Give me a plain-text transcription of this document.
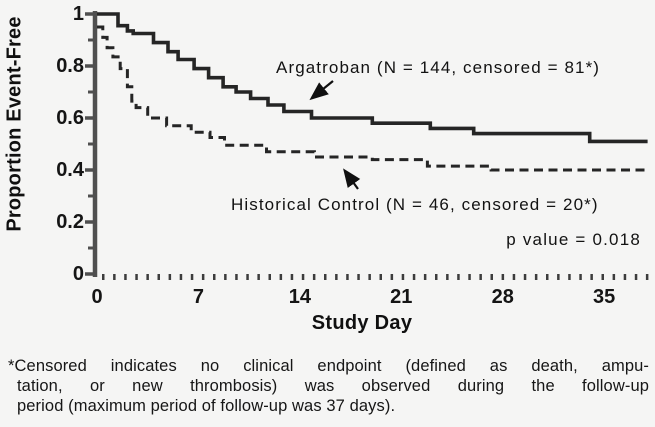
Proportion Event-Free
0
0.2
0.4
0.6
0.8
1
0	7	14	21	28	35
Study Day
Argatroban (N = 144, censored = 81*)
Historical Control (N = 46, censored = 20*)
p value = 0.018
*Censored indicates no clinical endpoint (defined as death, ampu-
tation, or new thrombosis) was observed during the follow-up
period (maximum period of follow-up was 37 days).
